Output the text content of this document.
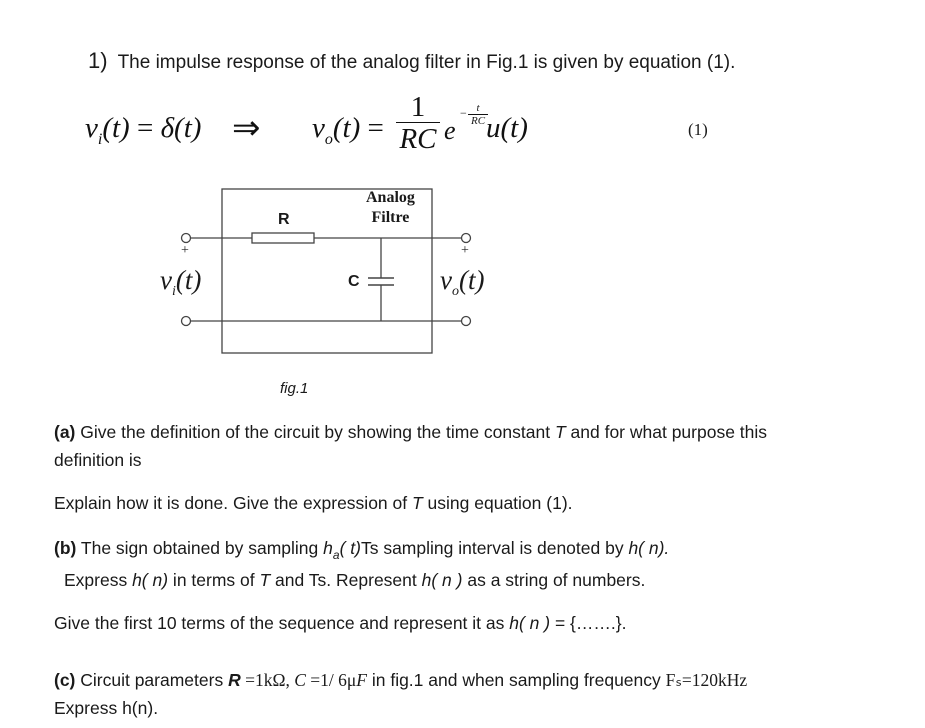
1) The impulse response of the analog filter in Fig.1 is given by equation (1).
$v_i(t) = \delta(t)$ ⇒ $v_o(t) = \frac{1}{RC}$ e
t
RC
− u(t)	(1)
R
Analog
Filtre
C
+	+
$v_i(t)$	$v_o(t)$
fig.1
(a) Give the definition of the circuit by showing the time constant T and for what purpose this
definition is
Explain how it is done. Give the expression of T using equation (1).
(b) The sign obtained by sampling $h_a$( t)Ts sampling interval is denoted by h( n).
Express h( n) in terms of T and Ts. Represent h( n ) as a string of numbers.
Give the first 10 terms of the sequence and represent it as h( n ) = {…….}.
(c) Circuit parameters R =1kΩ, C =1/ 6μF in fig.1 and when sampling frequency Fₛ=120kHz
Express h(n).
